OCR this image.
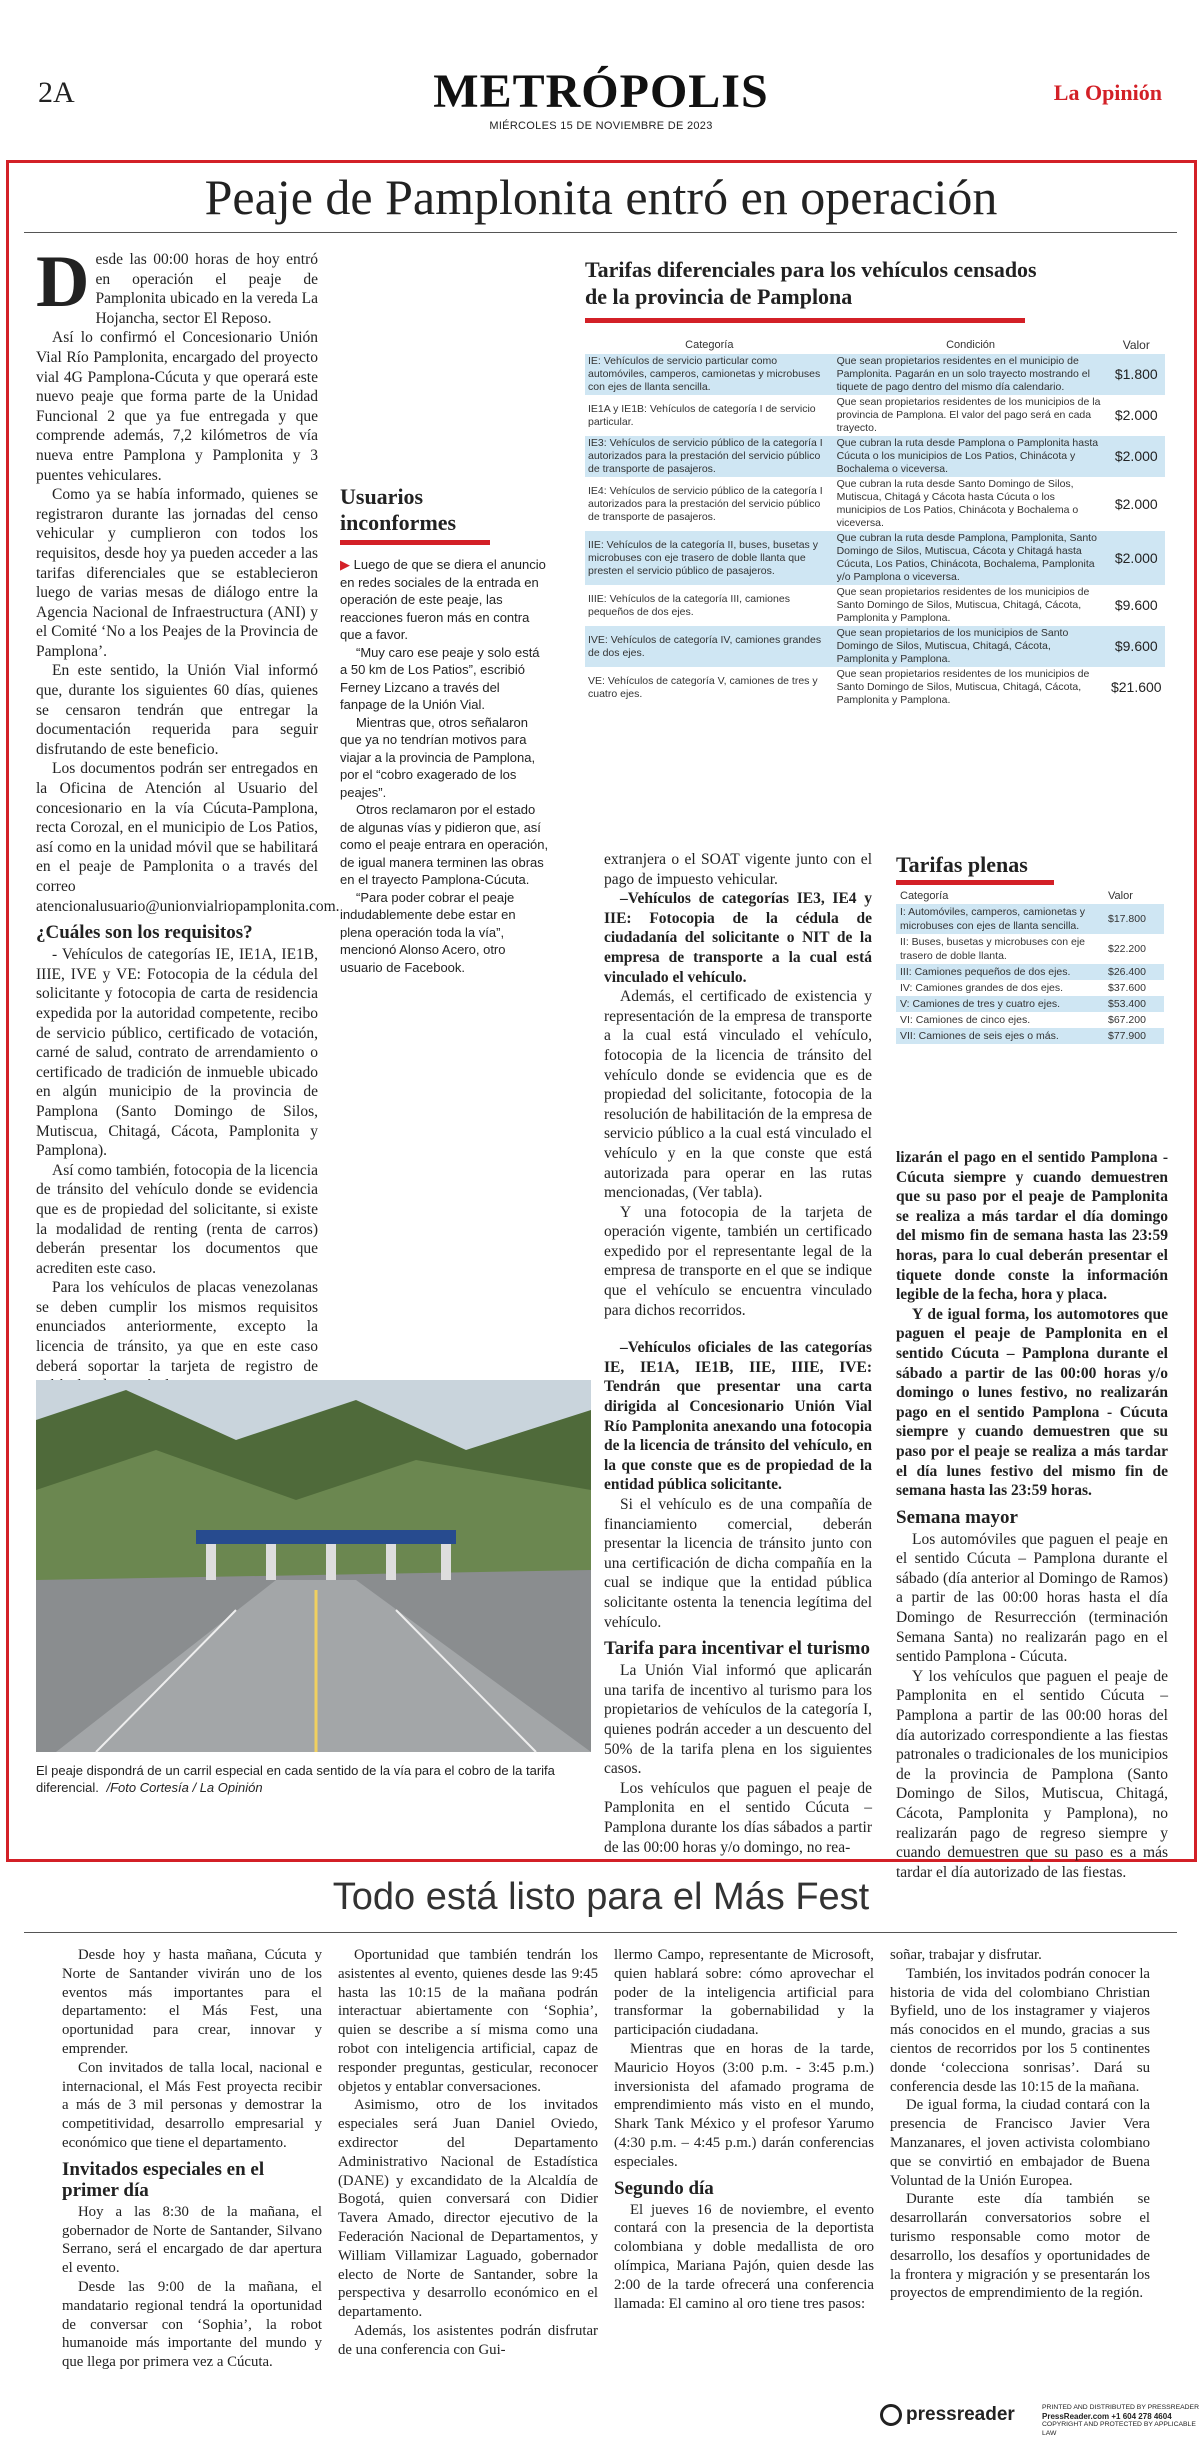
2A	METRÓPOLIS
MIÉRCOLES 15 DE NOVIEMBRE DE 2023
La Opinión
Peaje de Pamplonita entró en operación
D esde las 00:00 horas de hoy entró en operación el peaje de Pamplonita ubicado en la vereda La Hojancha, sector El Reposo.

Así lo confirmó el Concesionario Unión Vial Río Pamplonita, encargado del proyecto vial 4G Pamplona-Cúcuta y que operará este nuevo peaje que forma parte de la Unidad Funcional 2 que ya fue entregada y que comprende además, 7,2 kilómetros de vía nueva entre Pamplona y Pamplonita y 3 puentes vehiculares.

Como ya se había informado, quienes se registraron durante las jornadas del censo vehicular y cumplieron con todos los requisitos, desde hoy ya pueden acceder a las tarifas diferenciales que se establecieron luego de varias mesas de diálogo entre la Agencia Nacional de Infraestructura (ANI) y el Comité ‘No a los Peajes de la Provincia de Pamplona’.

En este sentido, la Unión Vial informó que, durante los siguientes 60 días, quienes se censaron tendrán que entregar la documentación requerida para seguir disfrutando de este beneficio.

Los documentos podrán ser entregados en la Oficina de Atención al Usuario del concesionario en la vía Cúcuta-Pamplona, recta Corozal, en el municipio de Los Patios, así como en la unidad móvil que se habilitará en el peaje de Pamplonita o a través del correo atencionalusuario@unionvialriopamplonita.com.

¿Cuáles son los requisitos?

- Vehículos de categorías IE, IE1A, IE1B, IIIE, IVE y VE: Fotocopia de la cédula del solicitante y fotocopia de carta de residencia expedida por la autoridad competente, recibo de servicio público, certificado de votación, carné de salud, contrato de arrendamiento o certificado de tradición de inmueble ubicado en algún municipio de la provincia de Pamplona (Santo Domingo de Silos, Mutiscua, Chitagá, Cácota, Pamplonita y Pamplona).

Así como también, fotocopia de la licencia de tránsito del vehículo donde se evidencia que es de propiedad del solicitante, si existe la modalidad de renting (renta de carros) deberán presentar los documentos que acrediten este caso.

Para los vehículos de placas venezolanas se deben cumplir los mismos requisitos enunciados anteriormente, excepto la licencia de tránsito, ya que en este caso deberá soportar la tarjeta de registro de

Usuarios inconformes

▶ Luego de que se diera el anuncio en redes sociales de la entrada en operación de este peaje, las reacciones fueron más en contra que a favor.

“Muy caro ese peaje y solo está a 50 km de Los Patios”, escribió Ferney Lizcano a través del fanpage de la Unión Vial.

Mientras que, otros señalaron que ya no tendrían motivos para viajar a la provincia de Pamplona, por el “cobro exagerado de los peajes”.

Otros reclamaron por el estado de algunas vías y pidieron que, así como el peaje entrara en operación, de igual manera terminen las obras en el trayecto Pamplona-Cúcuta.

“Para poder cobrar el peaje indudablemente debe estar en plena operación toda la vía”, mencionó Alonso Acero, otro usuario de Facebook.

Tarifas diferenciales para los vehículos censados de la provincia de Pamplona
Categoría	Condición	Valor
IE: Vehículos de servicio particular como automóviles, camperos, camionetas y microbuses con ejes de llanta sencilla.	Que sean propietarios residentes en el municipio de Pamplonita. Pagarán en un solo trayecto mostrando el tiquete de pago dentro del mismo día calendario.	$1.800
IE1A y IE1B: Vehículos de categoría I de servicio particular.	Que sean propietarios residentes de los municipios de la provincia de Pamplona. El valor del pago será en cada trayecto.	$2.000
IE3: Vehículos de servicio público de la categoría I autorizados para la prestación del servicio público de transporte de pasajeros.	Que cubran la ruta desde Pamplona o Pamplonita hasta Cúcuta o los municipios de Los Patios, Chinácota y Bochalema o viceversa.	$2.000
IE4: Vehículos de servicio público de la categoría I autorizados para la prestación del servicio público de transporte de pasajeros.	Que cubran la ruta desde Santo Domingo de Silos, Mutiscua, Chitagá y Cácota hasta Cúcuta o los municipios de Los Patios, Chinácota y Bochalema o viceversa.	$2.000
IIE: Vehículos de la categoría II, buses, busetas y microbuses con eje trasero de doble llanta que presten el servicio público de pasajeros.	Que cubran la ruta desde Pamplona, Pamplonita, Santo Domingo de Silos, Mutiscua, Cácota y Chitagá hasta Cúcuta, Los Patios, Chinácota, Bochalema, Pamplonita y/o Pamplona o viceversa.	$2.000
IIIE: Vehículos de la categoría III, camiones pequeños de dos ejes.	Que sean propietarios residentes de los municipios de Santo Domingo de Silos, Mutiscua, Chitagá, Cácota, Pamplonita y Pamplona.	$9.600
IVE: Vehículos de categoría IV, camiones grandes de dos ejes.	Que sean propietarios de los municipios de Santo Domingo de Silos, Mutiscua, Chitagá, Cácota, Pamplonita y Pamplona.	$9.600
VE: Vehículos de categoría V, camiones de tres y cuatro ejes.	Que sean propietarios residentes de los municipios de Santo Domingo de Silos, Mutiscua, Chitagá, Cácota, Pamplonita y Pamplona.	$21.600

extranjera o el SOAT vigente junto con el pago de impuesto vehicular.

–Vehículos de categorías IE3, IE4 y IIE: Fotocopia de la cédula de ciudadanía del solicitante o NIT de la empresa de transporte a la cual está vinculado el vehículo.

Además, el certificado de existencia y representación de la empresa de transporte a la cual está vinculado el vehículo, fotocopia de la licencia de tránsito del vehículo donde se evidencia que es de propiedad del solicitante, fotocopia de la resolución de habilitación de la empresa de servicio público a la cual está vinculado el vehículo y en la que conste que está autorizada para operar en las rutas mencionadas, (Ver tabla).

Y una fotocopia de la tarjeta de operación vigente, también un certificado expedido por el representante legal de la empresa de transporte en el que se indique que el vehículo se encuentra vinculado para dichos recorridos.

–Vehículos oficiales de las categorías IE, IE1A, IE1B, IIE, IIIE, IVE: Tendrán que presentar una carta dirigida al Concesionario Unión Vial Río Pamplonita anexando una fotocopia de la licencia de tránsito del vehículo, en la que conste que es de propiedad de la entidad pública solicitante.

Si el vehículo es de una compañía de financiamiento comercial, deberán presentar la licencia de tránsito junto con una certificación de dicha compañía en la cual se indique que la entidad pública solicitante ostenta la tenencia legítima del vehículo.

Tarifa para incentivar el turismo

La Unión Vial informó que aplicarán una tarifa de incentivo al turismo para los propietarios de vehículos de la categoría I, quienes podrán acceder a un descuento del 50% de la tarifa plena en los siguientes casos.

Los vehículos que paguen el peaje de Pamplonita en el sentido Cúcuta – Pamplona durante los días sábados a partir de las 00:00 horas y/o domingo, no rea-

Tarifas plenas
Categoría	Valor
I: Automóviles, camperos, camionetas y microbuses con ejes de llanta sencilla.	$17.800
II: Buses, busetas y microbuses con eje trasero de doble llanta.	$22.200
III: Camiones pequeños de dos ejes.	$26.400
IV: Camiones grandes de dos ejes.	$37.600
V: Camiones de tres y cuatro ejes.	$53.400
VI: Camiones de cinco ejes.	$67.200
VII: Camiones de seis ejes o más.	$77.900

lizarán el pago en el sentido Pamplona - Cúcuta siempre y cuando demuestren que su paso por el peaje de Pamplonita se realiza a más tardar el día domingo del mismo fin de semana hasta las 23:59 horas, para lo cual deberán presentar el tiquete donde conste la información legible de la fecha, hora y placa.

Y de igual forma, los automotores que paguen el peaje de Pamplonita en el sentido Cúcuta – Pamplona durante el sábado a partir de las 00:00 horas y/o domingo o lunes festivo, no realizarán pago en el sentido Pamplona - Cúcuta siempre y cuando demuestren que su paso por el peaje se realiza a más tardar el día lunes festivo del mismo fin de semana hasta las 23:59 horas.

Semana mayor

Los automóviles que paguen el peaje en el sentido Cúcuta – Pamplona durante el sábado (día anterior al Domingo de Ramos) a partir de las 00:00 horas hasta el día Domingo de Resurrección (terminación Semana Santa) no realizarán pago en el sentido Pamplona - Cúcuta.

Y los vehículos que paguen el peaje de Pamplonita en el sentido Cúcuta – Pamplona a partir de las 00:00 horas del día autorizado correspondiente a las fiestas patronales o tradicionales de los municipios de la provincia de Pamplona (Santo Domingo de Silos, Mutiscua, Chitagá, Cácota, Pamplonita y Pamplona), no realizarán pago de regreso siempre y cuando demuestren que su paso es a más tardar el día autorizado de las fiestas.

El peaje dispondrá de un carril especial en cada sentido de la vía para el cobro de la tarifa diferencial. /Foto Cortesía / La Opinión
Todo está listo para el Más Fest

Desde hoy y hasta mañana, Cúcuta y Norte de Santander vivirán uno de los eventos más importantes para el departamento: el Más Fest, una oportunidad para crear, innovar y emprender.

Con invitados de talla local, nacional e internacional, el Más Fest proyecta recibir a más de 3 mil personas y demostrar la competitividad, desarrollo empresarial y económico que tiene el departamento.

Invitados especiales en el primer día

Hoy a las 8:30 de la mañana, el gobernador de Norte de Santander, Silvano Serrano, será el encargado de dar apertura el evento.

Desde las 9:00 de la mañana, el mandatario regional tendrá la oportunidad de conversar con ‘Sophia’, la robot humanoide más importante del mundo y que llega por primera vez a Cúcuta.

Oportunidad que también tendrán los asistentes al evento, quienes desde las 9:45 hasta las 10:15 de la mañana podrán interactuar abiertamente con ‘Sophia’, quien se describe a sí misma como una robot con inteligencia artificial, capaz de responder preguntas, gesticular, reconocer objetos y entablar conversaciones.

Asimismo, otro de los invitados especiales será Juan Daniel Oviedo, exdirector del Departamento Administrativo Nacional de Estadística (DANE) y excandidato de la Alcaldía de Bogotá, quien conversará con Didier Tavera Amado, director ejecutivo de la Federación Nacional de Departamentos, y William Villamizar Laguado, gobernador electo de Norte de Santander, sobre la perspectiva y desarrollo económico en el departamento.

Además, los asistentes podrán disfrutar de una conferencia con Gui-

llermo Campo, representante de Microsoft, quien hablará sobre: cómo aprovechar el poder de la inteligencia artificial para transformar la gobernabilidad y la participación ciudadana.

Mientras que en horas de la tarde, Mauricio Hoyos (3:00 p.m. - 3:45 p.m.) inversionista del afamado programa de emprendimiento más visto en el mundo, Shark Tank México y el profesor Yarumo (4:30 p.m. – 4:45 p.m.) darán conferencias especiales.

Segundo día

El jueves 16 de noviembre, el evento contará con la presencia de la deportista colombiana y doble medallista de oro olímpica, Mariana Pajón, quien desde las 2:00 de la tarde ofrecerá una conferencia llamada: El camino al oro tiene tres pasos:

soñar, trabajar y disfrutar.

También, los invitados podrán conocer la historia de vida del colombiano Christian Byfield, uno de los instagramer y viajeros más conocidos en el mundo, gracias a sus cientos de recorridos por los 5 continentes donde ‘colecciona sonrisas’. Dará su conferencia desde las 10:15 de la mañana.

De igual forma, la ciudad contará con la presencia de Francisco Javier Vera Manzanares, el joven activista colombiano que se convirtió en embajador de Buena Voluntad de la Unión Europea.

Durante este día también se desarrollarán conversatorios sobre el turismo responsable como motor de desarrollo, los desafíos y oportunidades de la frontera y migración y se presentarán los proyectos de emprendimiento de la región.

pressreader	PRINTED AND DISTRIBUTED BY PRESSREADER
PressReader.com +1 604 278 4604
COPYRIGHT AND PROTECTED BY APPLICABLE LAW
